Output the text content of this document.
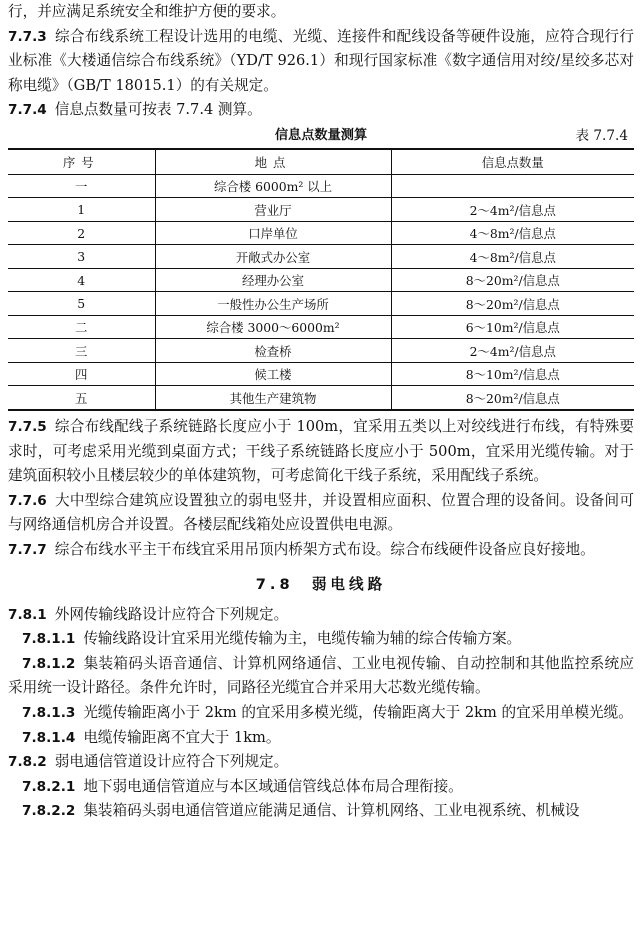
行，并应满足系统安全和维护方便的要求。

7.7.3 综合布线系统工程设计选用的电缆、光缆、连接件和配线设备等硬件设施，应符合现行行业标准《大楼通信综合布线系统》（YD/T 926.1）和现行国家标准《数字通信用对绞/星绞多芯对称电缆》（GB/T 18015.1）的有关规定。

7.7.4 信息点数量可按表 7.7.4 测算。

信息点数量测算	表 7.7.4
序号	地点	信息点数量
一	综合楼 6000m² 以上	
1	营业厅	2～4m²/信息点
2	口岸单位	4～8m²/信息点
3	开敞式办公室	4～8m²/信息点
4	经理办公室	8～20m²/信息点
5	一般性办公生产场所	8～20m²/信息点
二	综合楼 3000～6000m²	6～10m²/信息点
三	检查桥	2～4m²/信息点
四	候工楼	8～10m²/信息点
五	其他生产建筑物	8～20m²/信息点

7.7.5 综合布线配线子系统链路长度应小于 100m，宜采用五类以上对绞线进行布线，有特殊要求时，可考虑采用光缆到桌面方式；干线子系统链路长度应小于 500m，宜采用光缆传输。对于建筑面积较小且楼层较少的单体建筑物，可考虑简化干线子系统，采用配线子系统。

7.7.6 大中型综合建筑应设置独立的弱电竖井，并设置相应面积、位置合理的设备间。设备间可与网络通信机房合并设置。各楼层配线箱处应设置供电电源。

7.7.7 综合布线水平主干布线宜采用吊顶内桥架方式布设。综合布线硬件设备应良好接地。

7.8 弱电线路

7.8.1 外网传输线路设计应符合下列规定。

7.8.1.1 传输线路设计宜采用光缆传输为主，电缆传输为辅的综合传输方案。

7.8.1.2 集装箱码头语音通信、计算机网络通信、工业电视传输、自动控制和其他监控系统应采用统一设计路径。条件允许时，同路径光缆宜合并采用大芯数光缆传输。

7.8.1.3 光缆传输距离小于 2km 的宜采用多模光缆，传输距离大于 2km 的宜采用单模光缆。

7.8.1.4 电缆传输距离不宜大于 1km。

7.8.2 弱电通信管道设计应符合下列规定。

7.8.2.1 地下弱电通信管道应与本区域通信管线总体布局合理衔接。

7.8.2.2 集装箱码头弱电通信管道应能满足通信、计算机网络、工业电视系统、机械设
